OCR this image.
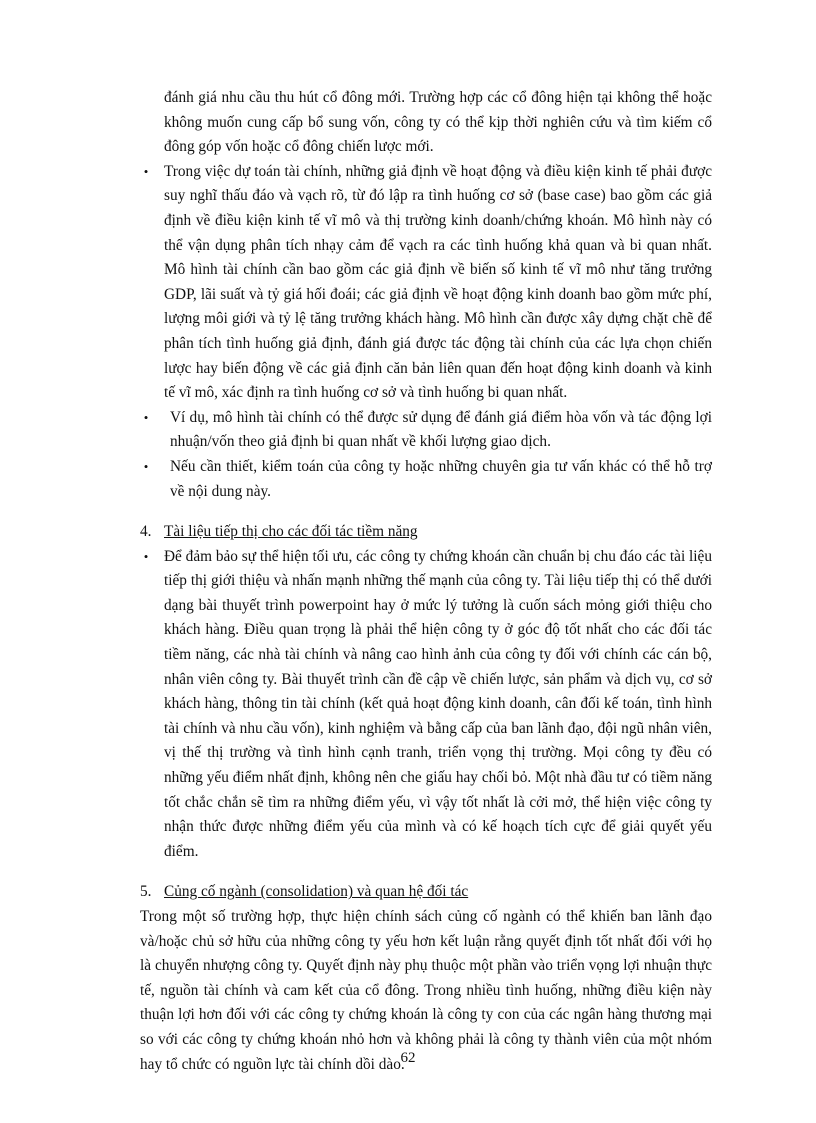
đánh giá nhu cầu thu hút cổ đông mới. Trường hợp các cổ đông hiện tại không thể hoặc không muốn cung cấp bổ sung vốn, công ty có thể kịp thời nghiên cứu và tìm kiếm cổ đông góp vốn hoặc cổ đông chiến lược mới.

• Trong việc dự toán tài chính, những giả định về hoạt động và điều kiện kinh tế phải được suy nghĩ thấu đáo và vạch rõ, từ đó lập ra tình huống cơ sở (base case) bao gồm các giả định về điều kiện kinh tế vĩ mô và thị trường kinh doanh/chứng khoán. Mô hình này có thể vận dụng phân tích nhạy cảm để vạch ra các tình huống khả quan và bi quan nhất. Mô hình tài chính cần bao gồm các giả định về biến số kinh tế vĩ mô như tăng trưởng GDP, lãi suất và tỷ giá hối đoái; các giả định về hoạt động kinh doanh bao gồm mức phí, lượng môi giới và tỷ lệ tăng trưởng khách hàng. Mô hình cần được xây dựng chặt chẽ để phân tích tình huống giả định, đánh giá được tác động tài chính của các lựa chọn chiến lược hay biến động về các giả định căn bản liên quan đến hoạt động kinh doanh và kinh tế vĩ mô, xác định ra tình huống cơ sở và tình huống bi quan nhất.
• Ví dụ, mô hình tài chính có thể được sử dụng để đánh giá điểm hòa vốn và tác động lợi nhuận/vốn theo giả định bi quan nhất về khối lượng giao dịch.
• Nếu cần thiết, kiểm toán của công ty hoặc những chuyên gia tư vấn khác có thể hỗ trợ về nội dung này.
4. Tài liệu tiếp thị cho các đối tác tiềm năng
• Để đảm bảo sự thể hiện tối ưu, các công ty chứng khoán cần chuẩn bị chu đáo các tài liệu tiếp thị giới thiệu và nhấn mạnh những thế mạnh của công ty. Tài liệu tiếp thị có thể dưới dạng bài thuyết trình powerpoint hay ở mức lý tưởng là cuốn sách mỏng giới thiệu cho khách hàng. Điều quan trọng là phải thể hiện công ty ở góc độ tốt nhất cho các đối tác tiềm năng, các nhà tài chính và nâng cao hình ảnh của công ty đối với chính các cán bộ, nhân viên công ty. Bài thuyết trình cần đề cập về chiến lược, sản phẩm và dịch vụ, cơ sở khách hàng, thông tin tài chính (kết quả hoạt động kinh doanh, cân đối kế toán, tình hình tài chính và nhu cầu vốn), kinh nghiệm và bằng cấp của ban lãnh đạo, đội ngũ nhân viên, vị thế thị trường và tình hình cạnh tranh, triển vọng thị trường. Mọi công ty đều có những yếu điểm nhất định, không nên che giấu hay chối bỏ. Một nhà đầu tư có tiềm năng tốt chắc chắn sẽ tìm ra những điểm yếu, vì vậy tốt nhất là cởi mở, thể hiện việc công ty nhận thức được những điểm yếu của mình và có kế hoạch tích cực để giải quyết yếu điểm.
5. Củng cố ngành (consolidation) và quan hệ đối tác

Trong một số trường hợp, thực hiện chính sách củng cố ngành có thể khiến ban lãnh đạo và/hoặc chủ sở hữu của những công ty yếu hơn kết luận rằng quyết định tốt nhất đối với họ là chuyển nhượng công ty. Quyết định này phụ thuộc một phần vào triển vọng lợi nhuận thực tế, nguồn tài chính và cam kết của cổ đông. Trong nhiều tình huống, những điều kiện này thuận lợi hơn đối với các công ty chứng khoán là công ty con của các ngân hàng thương mại so với các công ty chứng khoán nhỏ hơn và không phải là công ty thành viên của một nhóm hay tổ chức có nguồn lực tài chính dồi dào.

62
